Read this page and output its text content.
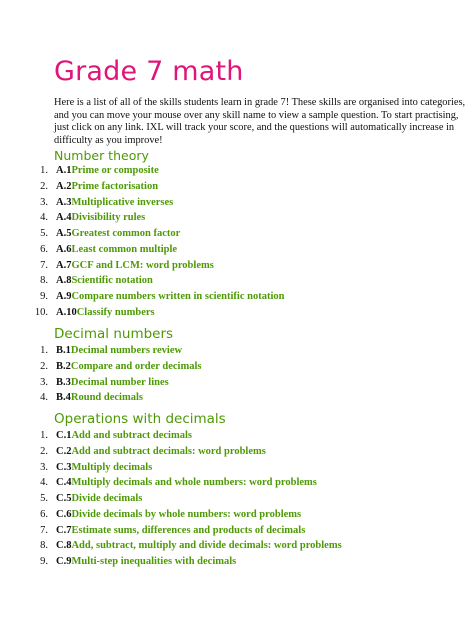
Grade 7 math

Here is a list of all of the skills students learn in grade 7! These skills are organised into categories, and you can move your mouse over any skill name to view a sample question. To start practising, just click on any link. IXL will track your score, and the questions will automatically increase in difficulty as you improve!

Number theory
1. A.1Prime or composite
2. A.2Prime factorisation
3. A.3Multiplicative inverses
4. A.4Divisibility rules
5. A.5Greatest common factor
6. A.6Least common multiple
7. A.7GCF and LCM: word problems
8. A.8Scientific notation
9. A.9Compare numbers written in scientific notation
10. A.10Classify numbers
Decimal numbers
1. B.1Decimal numbers review
2. B.2Compare and order decimals
3. B.3Decimal number lines
4. B.4Round decimals
Operations with decimals
1. C.1Add and subtract decimals
2. C.2Add and subtract decimals: word problems
3. C.3Multiply decimals
4. C.4Multiply decimals and whole numbers: word problems
5. C.5Divide decimals
6. C.6Divide decimals by whole numbers: word problems
7. C.7Estimate sums, differences and products of decimals
8. C.8Add, subtract, multiply and divide decimals: word problems
9. C.9Multi-step inequalities with decimals
